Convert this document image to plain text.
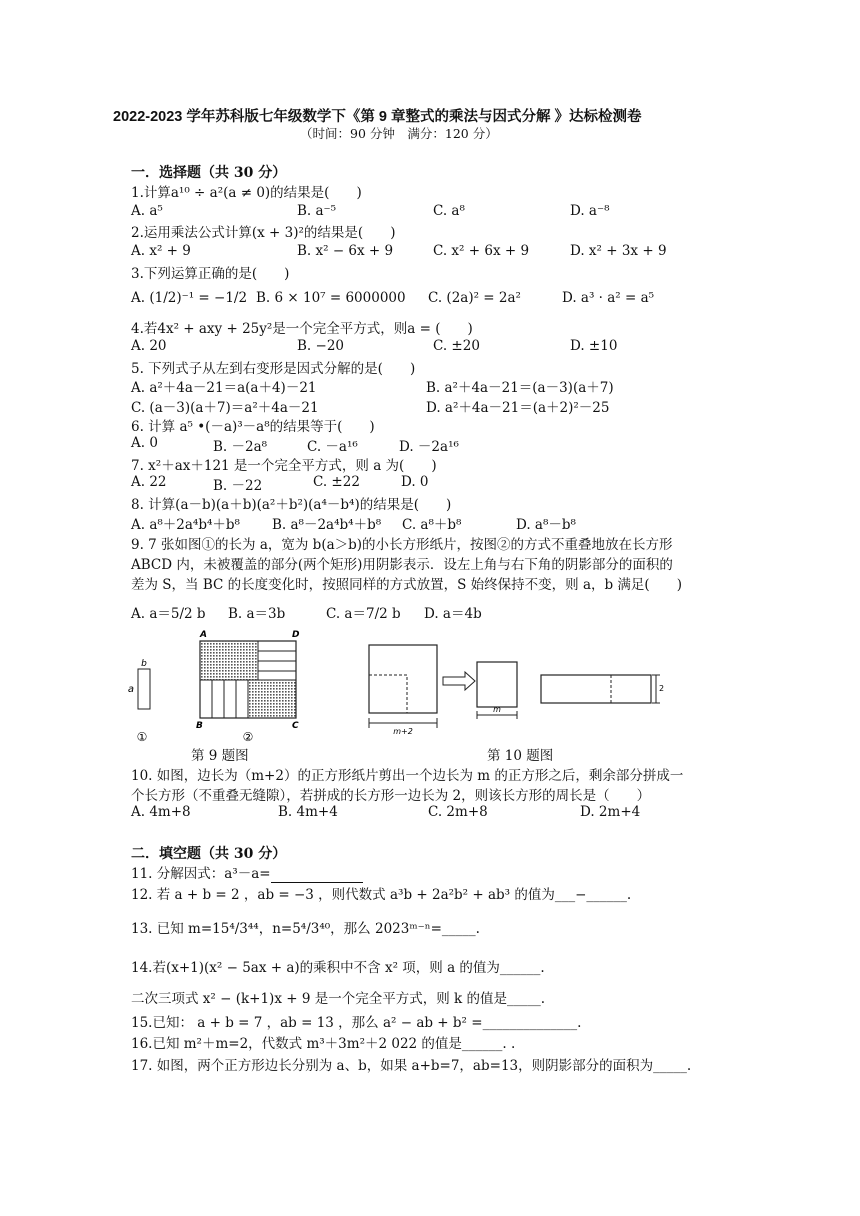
2022-2023 学年苏科版七年级数学下《第 9 章整式的乘法与因式分解 》达标检测卷
（时间：90 分钟　满分：120 分）
一．选择题（共 30 分）
1.计算a¹⁰ ÷ a²(a ≠ 0)的结果是(　　)
A. a⁵	B. a⁻⁵	C. a⁸	D. a⁻⁸
2.运用乘法公式计算(x + 3)²的结果是(　　)
A. x² + 9	B. x² − 6x + 9	C. x² + 6x + 9	D. x² + 3x + 9
3.下列运算正确的是(　　)
A. (1/2)⁻¹ = −1/2 B. 6 × 10⁷ = 6000000 C. (2a)² = 2a²	D. a³ · a² = a⁵
4.若4x² + axy + 25y²是一个完全平方式，则a = (　　)
A. 20	B. −20	C. ±20	D. ±10
5. 下列式子从左到右变形是因式分解的是(　　)
A. a²＋4a－21＝a(a＋4)－21	B. a²＋4a－21＝(a－3)(a＋7)
C. (a－3)(a＋7)＝a²＋4a－21	D. a²＋4a－21＝(a＋2)²－25
6. 计算 a⁵ •(－a)³－a⁸的结果等于(　　)
A. 0	B. －2a⁸	C. －a¹⁶	D. －2a¹⁶
7. x²＋ax＋121 是一个完全平方式，则 a 为(　　)
A. 22	B. －22	C. ±22	D. 0
8. 计算(a－b)(a＋b)(a²＋b²)(a⁴－b⁴)的结果是(　　)
A. a⁸＋2a⁴b⁴＋b⁸ B. a⁸－2a⁴b⁴＋b⁸ C. a⁸＋b⁸	D. a⁸－b⁸
9. 7 张如图①的长为 a，宽为 b(a＞b)的小长方形纸片，按图②的方式不重叠地放在长方形
ABCD 内，未被覆盖的部分(两个矩形)用阴影表示．设左上角与右下角的阴影部分的面积的
差为 S，当 BC 的长度变化时，按照同样的方式放置，S 始终保持不变，则 a，b 满足(　　)
A. a＝5/2 b B. a＝3b	C. a＝7/2 b D. a＝4b
b
a
①
A	D
B	C
②	m+2
m
2
第 9 题图	第 10 题图
10. 如图，边长为（m+2）的正方形纸片剪出一个边长为 m 的正方形之后，剩余部分拼成一
个长方形（不重叠无缝隙），若拼成的长方形一边长为 2，则该长方形的周长是（　　）
A. 4m+8	B. 4m+4	C. 2m+8	D. 2m+4
二．填空题（共 30 分）
11. 分解因式：a³－a=
12. 若 a + b = 2 ，ab = −3 ，则代数式 a³b + 2a²b² + ab³ 的值为___−______.
13. 已知 m=15⁴/3⁴⁴，n=5⁴/3⁴⁰，那么 2023ᵐ⁻ⁿ=_____.
14.若(x+1)(x² − 5ax + a)的乘积中不含 x² 项，则 a 的值为______.
二次三项式 x² − (k+1)x + 9 是一个完全平方式，则 k 的值是_____.
15.已知： a + b = 7 ，ab = 13 ，那么 a² − ab + b² =______________.
16.已知 m²＋m=2，代数式 m³＋3m²＋2 022 的值是______. .
17. 如图，两个正方形边长分别为 a、b，如果 a+b=7，ab=13，则阴影部分的面积为_____.
